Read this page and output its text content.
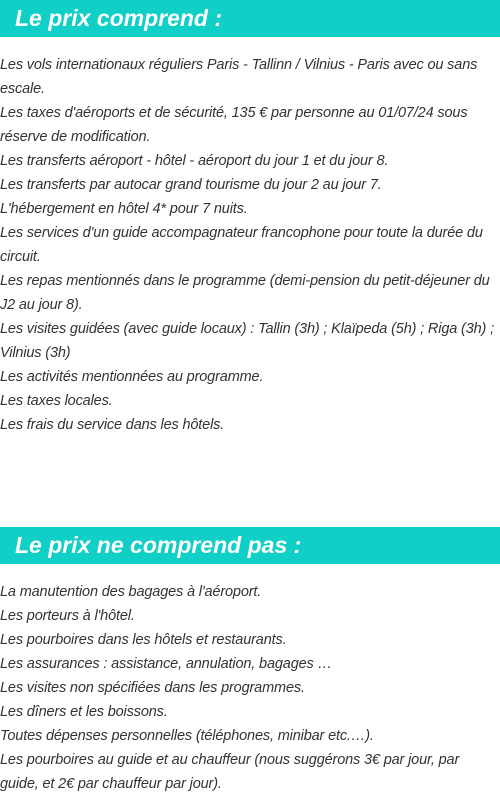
Le prix comprend :
Les vols internationaux réguliers Paris - Tallinn / Vilnius - Paris avec ou sans escale.
Les taxes d'aéroports et de sécurité, 135 € par personne au 01/07/24 sous réserve de modification.
Les transferts aéroport - hôtel - aéroport du jour 1 et du jour 8.
Les transferts par autocar grand tourisme du jour 2 au jour 7.
L'hébergement en hôtel 4* pour 7 nuits.
Les services d'un guide accompagnateur francophone pour toute la durée du circuit.
Les repas mentionnés dans le programme (demi-pension du petit-déjeuner du J2 au jour 8).
Les visites guidées (avec guide locaux) : Tallin (3h) ; Klaïpeda (5h) ; Riga (3h) ; Vilnius (3h)
Les activités mentionnées au programme.
Les taxes locales.
Les frais du service dans les hôtels.
Le prix ne comprend pas :
La manutention des bagages à l'aéroport.
Les porteurs à l'hôtel.
Les pourboires dans les hôtels et restaurants.
Les assurances : assistance, annulation, bagages …
Les visites non spécifiées dans les programmes.
Les dîners et les boissons.
Toutes dépenses personnelles (téléphones, minibar etc.…).
Les pourboires au guide et au chauffeur (nous suggérons 3€ par jour, par guide, et 2€ par chauffeur par jour).
